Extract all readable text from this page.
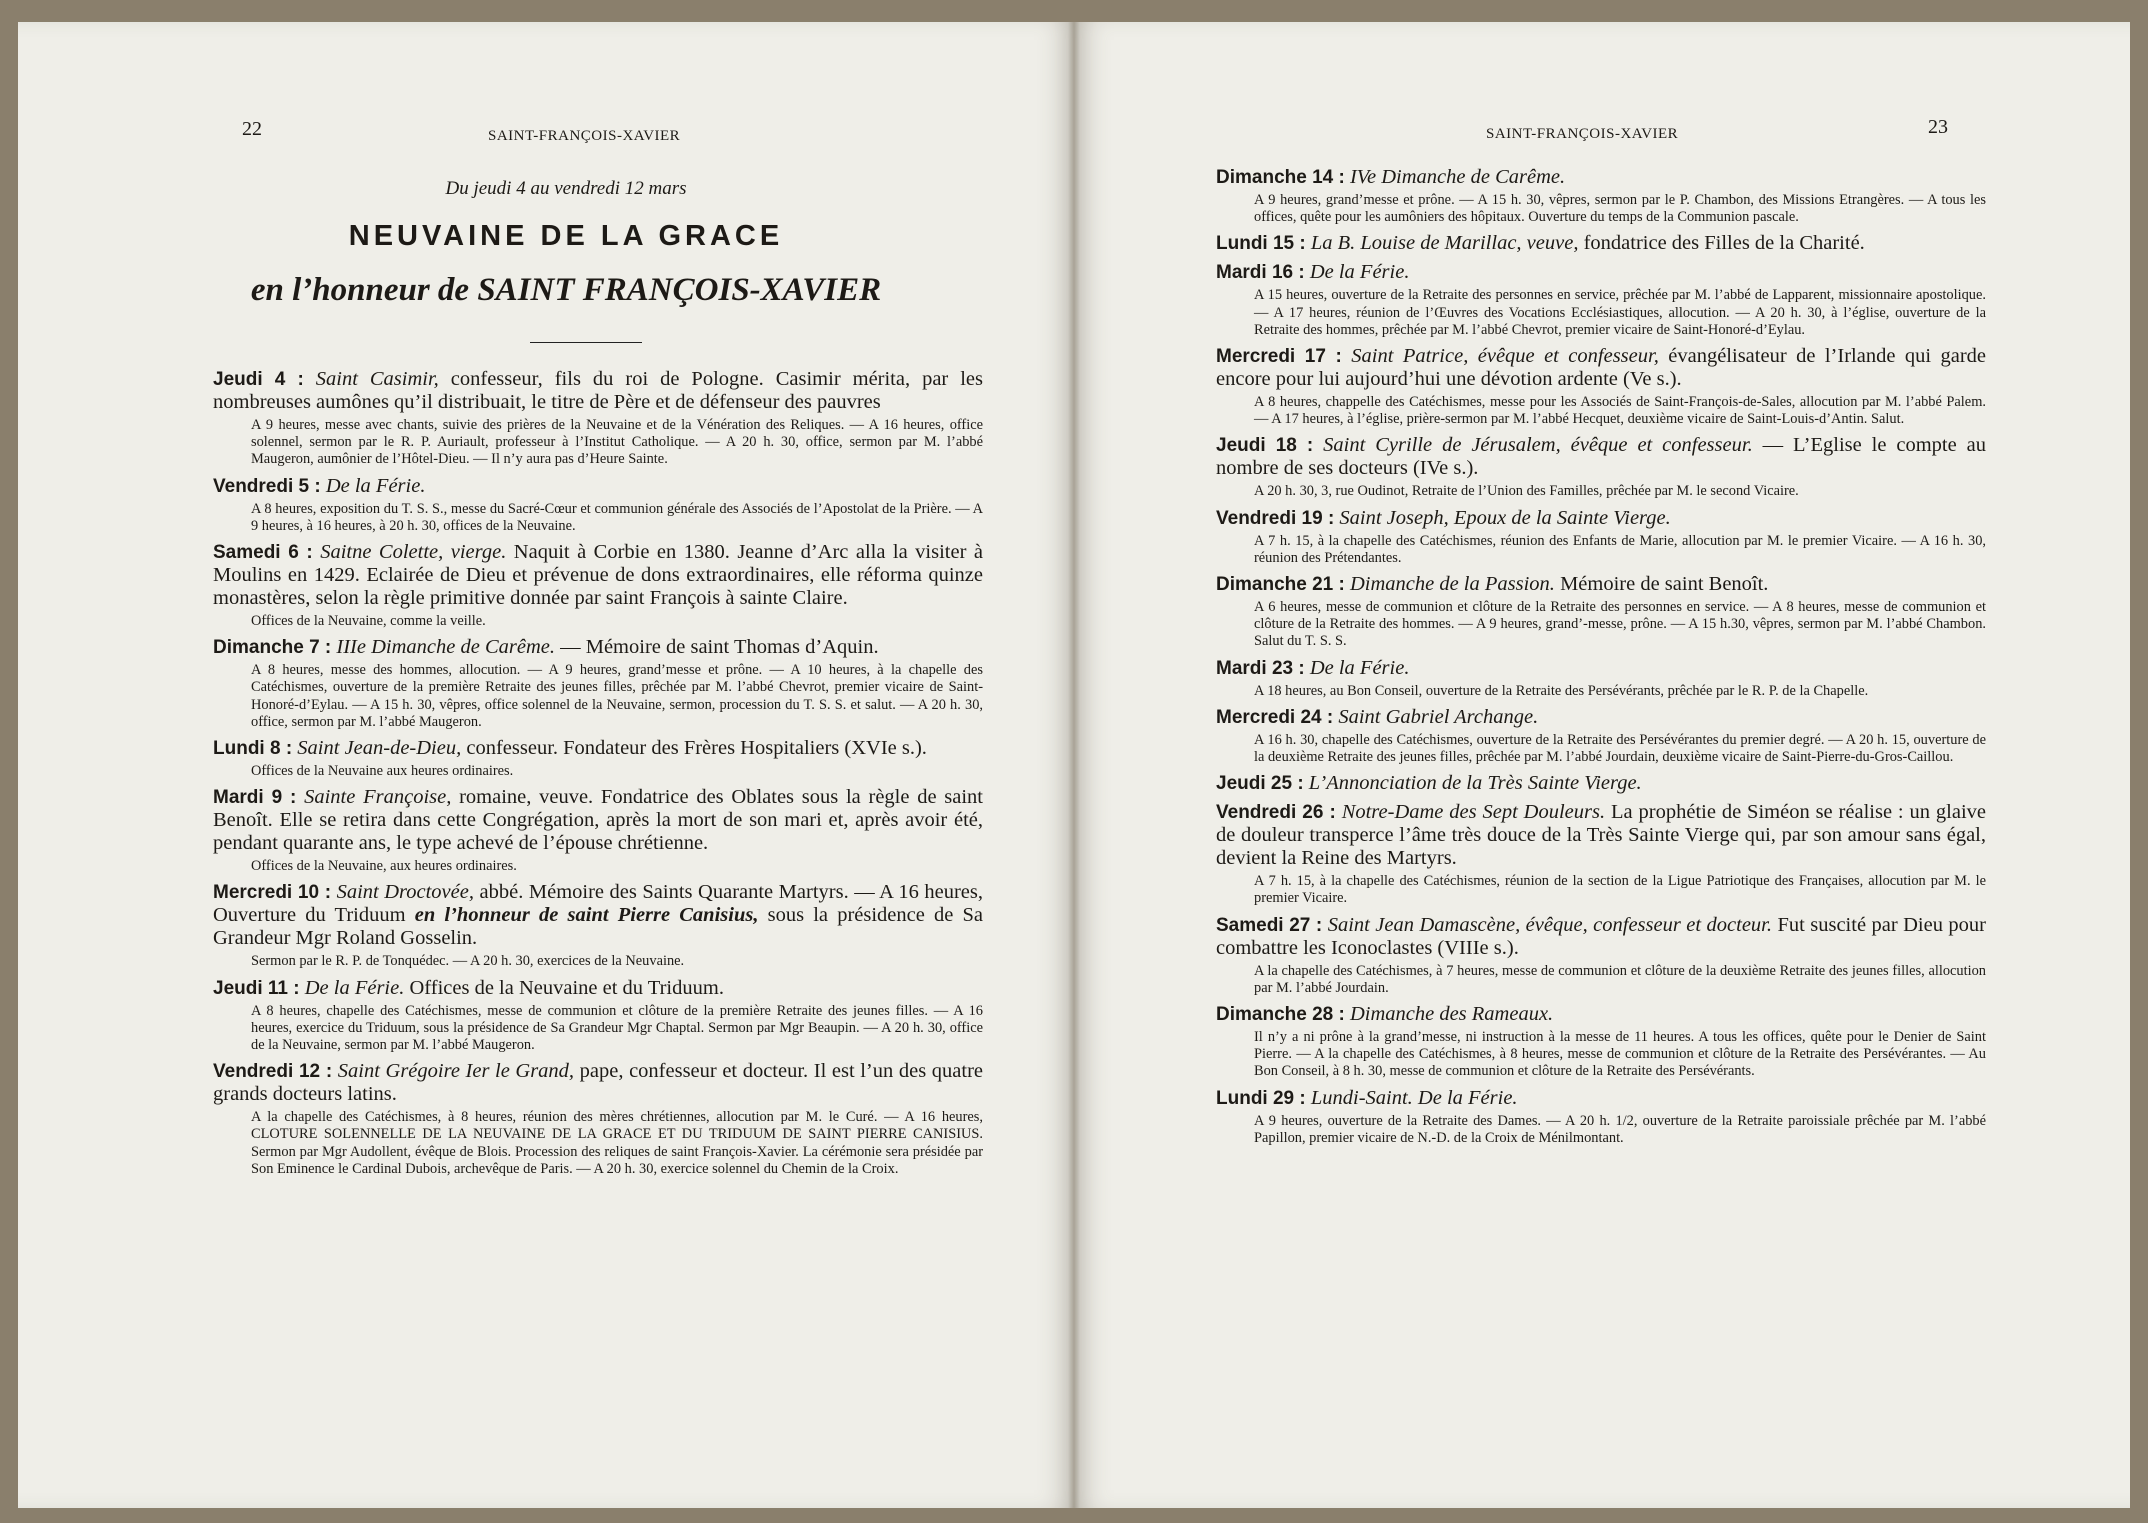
22	SAINT-FRANÇOIS-XAVIER
Du jeudi 4 au vendredi 12 mars
NEUVAINE DE LA GRACE
en l’honneur de SAINT FRANÇOIS-XAVIER
Jeudi 4 : Saint Casimir, confesseur, fils du roi de Pologne. Casimir mérita, par les nombreuses aumônes qu’il distribuait, le titre de Père et de défenseur des pauvres
A 9 heures, messe avec chants, suivie des prières de la Neuvaine et de la Vénération des Reliques. — A 16 heures, office solennel, sermon par le R. P. Auriault, professeur à l’Institut Catholique. — A 20 h. 30, office, sermon par M. l’abbé Maugeron, aumônier de l’Hôtel-Dieu. — Il n’y aura pas d’Heure Sainte.
Vendredi 5 : De la Férie.
A 8 heures, exposition du T. S. S., messe du Sacré-Cœur et communion générale des Associés de l’Apostolat de la Prière. — A 9 heures, à 16 heures, à 20 h. 30, offices de la Neuvaine.
Samedi 6 : Saitne Colette, vierge. Naquit à Corbie en 1380. Jeanne d’Arc alla la visiter à Moulins en 1429. Eclairée de Dieu et prévenue de dons extraordinaires, elle réforma quinze monastères, selon la règle primitive donnée par saint François à sainte Claire.
Offices de la Neuvaine, comme la veille.
Dimanche 7 : IIIe Dimanche de Carême. — Mémoire de saint Thomas d’Aquin.
A 8 heures, messe des hommes, allocution. — A 9 heures, grand’messe et prône. — A 10 heures, à la chapelle des Catéchismes, ouverture de la première Retraite des jeunes filles, prêchée par M. l’abbé Chevrot, premier vicaire de Saint-Honoré-d’Eylau. — A 15 h. 30, vêpres, office solennel de la Neuvaine, sermon, procession du T. S. S. et salut. — A 20 h. 30, office, sermon par M. l’abbé Maugeron.
Lundi 8 : Saint Jean-de-Dieu, confesseur. Fondateur des Frères Hospitaliers (XVIe s.).
Offices de la Neuvaine aux heures ordinaires.
Mardi 9 : Sainte Françoise, romaine, veuve. Fondatrice des Oblates sous la règle de saint Benoît. Elle se retira dans cette Congrégation, après la mort de son mari et, après avoir été, pendant quarante ans, le type achevé de l’épouse chrétienne.
Offices de la Neuvaine, aux heures ordinaires.
Mercredi 10 : Saint Droctovée, abbé. Mémoire des Saints Quarante Martyrs. — A 16 heures, Ouverture du Triduum en l’honneur de saint Pierre Canisius, sous la présidence de Sa Grandeur Mgr Roland Gosselin.
Sermon par le R. P. de Tonquédec. — A 20 h. 30, exercices de la Neuvaine.
Jeudi 11 : De la Férie. Offices de la Neuvaine et du Triduum.
A 8 heures, chapelle des Catéchismes, messe de communion et clôture de la première Retraite des jeunes filles. — A 16 heures, exercice du Triduum, sous la présidence de Sa Grandeur Mgr Chaptal. Sermon par Mgr Beaupin. — A 20 h. 30, office de la Neuvaine, sermon par M. l’abbé Maugeron.
Vendredi 12 : Saint Grégoire Ier le Grand, pape, confesseur et docteur. Il est l’un des quatre grands docteurs latins.
A la chapelle des Catéchismes, à 8 heures, réunion des mères chrétiennes, allocution par M. le Curé. — A 16 heures, CLOTURE SOLENNELLE DE LA NEUVAINE DE LA GRACE ET DU TRIDUUM DE SAINT PIERRE CANISIUS. Sermon par Mgr Audollent, évêque de Blois. Procession des reliques de saint François-Xavier. La cérémonie sera présidée par Son Eminence le Cardinal Dubois, archevêque de Paris. — A 20 h. 30, exercice solennel du Chemin de la Croix.
SAINT-FRANÇOIS-XAVIER	23
Dimanche 14 : IVe Dimanche de Carême.
A 9 heures, grand’messe et prône. — A 15 h. 30, vêpres, sermon par le P. Chambon, des Missions Etrangères. — A tous les offices, quête pour les aumôniers des hôpitaux. Ouverture du temps de la Communion pascale.
Lundi 15 : La B. Louise de Marillac, veuve, fondatrice des Filles de la Charité.
Mardi 16 : De la Férie.
A 15 heures, ouverture de la Retraite des personnes en service, prêchée par M. l’abbé de Lapparent, missionnaire apostolique. — A 17 heures, réunion de l’Œuvres des Vocations Ecclésiastiques, allocution. — A 20 h. 30, à l’église, ouverture de la Retraite des hommes, prêchée par M. l’abbé Chevrot, premier vicaire de Saint-Honoré-d’Eylau.
Mercredi 17 : Saint Patrice, évêque et confesseur, évangélisateur de l’Irlande qui garde encore pour lui aujourd’hui une dévotion ardente (Ve s.).
A 8 heures, chappelle des Catéchismes, messe pour les Associés de Saint-François-de-Sales, allocution par M. l’abbé Palem. — A 17 heures, à l’église, prière-sermon par M. l’abbé Hecquet, deuxième vicaire de Saint-Louis-d’Antin. Salut.
Jeudi 18 : Saint Cyrille de Jérusalem, évêque et confesseur. — L’Eglise le compte au nombre de ses docteurs (IVe s.).
A 20 h. 30, 3, rue Oudinot, Retraite de l’Union des Familles, prêchée par M. le second Vicaire.
Vendredi 19 : Saint Joseph, Epoux de la Sainte Vierge.
A 7 h. 15, à la chapelle des Catéchismes, réunion des Enfants de Marie, allocution par M. le premier Vicaire. — A 16 h. 30, réunion des Prétendantes.
Dimanche 21 : Dimanche de la Passion. Mémoire de saint Benoît.
A 6 heures, messe de communion et clôture de la Retraite des personnes en service. — A 8 heures, messe de communion et clôture de la Retraite des hommes. — A 9 heures, grand’-messe, prône. — A 15 h.30, vêpres, sermon par M. l’abbé Chambon. Salut du T. S. S.
Mardi 23 : De la Férie.
A 18 heures, au Bon Conseil, ouverture de la Retraite des Persévérants, prêchée par le R. P. de la Chapelle.
Mercredi 24 : Saint Gabriel Archange.
A 16 h. 30, chapelle des Catéchismes, ouverture de la Retraite des Persévérantes du premier degré. — A 20 h. 15, ouverture de la deuxième Retraite des jeunes filles, prêchée par M. l’abbé Jourdain, deuxième vicaire de Saint-Pierre-du-Gros-Caillou.
Jeudi 25 : L’Annonciation de la Très Sainte Vierge.
Vendredi 26 : Notre-Dame des Sept Douleurs. La prophétie de Siméon se réalise : un glaive de douleur transperce l’âme très douce de la Très Sainte Vierge qui, par son amour sans égal, devient la Reine des Martyrs.
A 7 h. 15, à la chapelle des Catéchismes, réunion de la section de la Ligue Patriotique des Françaises, allocution par M. le premier Vicaire.
Samedi 27 : Saint Jean Damascène, évêque, confesseur et docteur. Fut suscité par Dieu pour combattre les Iconoclastes (VIIIe s.).
A la chapelle des Catéchismes, à 7 heures, messe de communion et clôture de la deuxième Retraite des jeunes filles, allocution par M. l’abbé Jourdain.
Dimanche 28 : Dimanche des Rameaux.
Il n’y a ni prône à la grand’messe, ni instruction à la messe de 11 heures. A tous les offices, quête pour le Denier de Saint Pierre. — A la chapelle des Catéchismes, à 8 heures, messe de communion et clôture de la Retraite des Persévérantes. — Au Bon Conseil, à 8 h. 30, messe de communion et clôture de la Retraite des Persévérants.
Lundi 29 : Lundi-Saint. De la Férie.
A 9 heures, ouverture de la Retraite des Dames. — A 20 h. 1/2, ouverture de la Retraite paroissiale prêchée par M. l’abbé Papillon, premier vicaire de N.-D. de la Croix de Ménilmontant.
